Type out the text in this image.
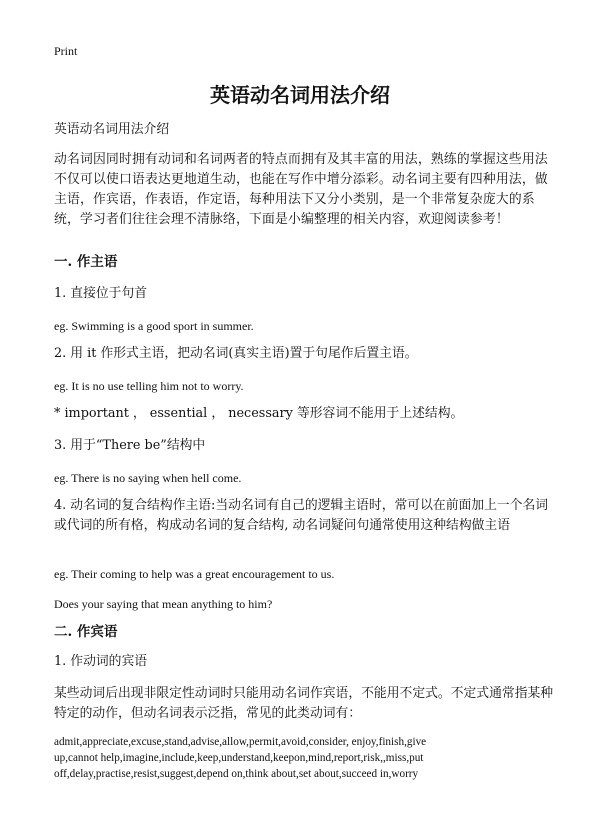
Print
英语动名词用法介绍
英语动名词用法介绍
动名词因同时拥有动词和名词两者的特点而拥有及其丰富的用法，熟练的掌握这些用法不仅可以使口语表达更地道生动，也能在写作中增分添彩。动名词主要有四种用法，做主语，作宾语，作表语，作定语，每种用法下又分小类别，是一个非常复杂庞大的系统，学习者们往往会理不清脉络，下面是小编整理的相关内容，欢迎阅读参考！
一. 作主语
1. 直接位于句首
eg. Swimming is a good sport in summer.
2. 用 it 作形式主语，把动名词(真实主语)置于句尾作后置主语。
eg. It is no use telling him not to worry.
* important ， essential ， necessary 等形容词不能用于上述结构。
3. 用于“There be”结构中
eg. There is no saying when hell come.
4. 动名词的复合结构作主语:当动名词有自己的逻辑主语时，常可以在前面加上一个名词或代词的所有格，构成动名词的复合结构, 动名词疑问句通常使用这种结构做主语
eg. Their coming to help was a great encouragement to us.
Does your saying that mean anything to him?
二. 作宾语
1. 作动词的宾语
某些动词后出现非限定性动词时只能用动名词作宾语，不能用不定式。不定式通常指某种特定的动作，但动名词表示泛指，常见的此类动词有：
admit,appreciate,excuse,stand,advise,allow,permit,avoid,consider, enjoy,finish,give
up,cannot help,imagine,include,keep,understand,keepon,mind,report,risk,,miss,put
off,delay,practise,resist,suggest,depend on,think about,set about,succeed in,worry
